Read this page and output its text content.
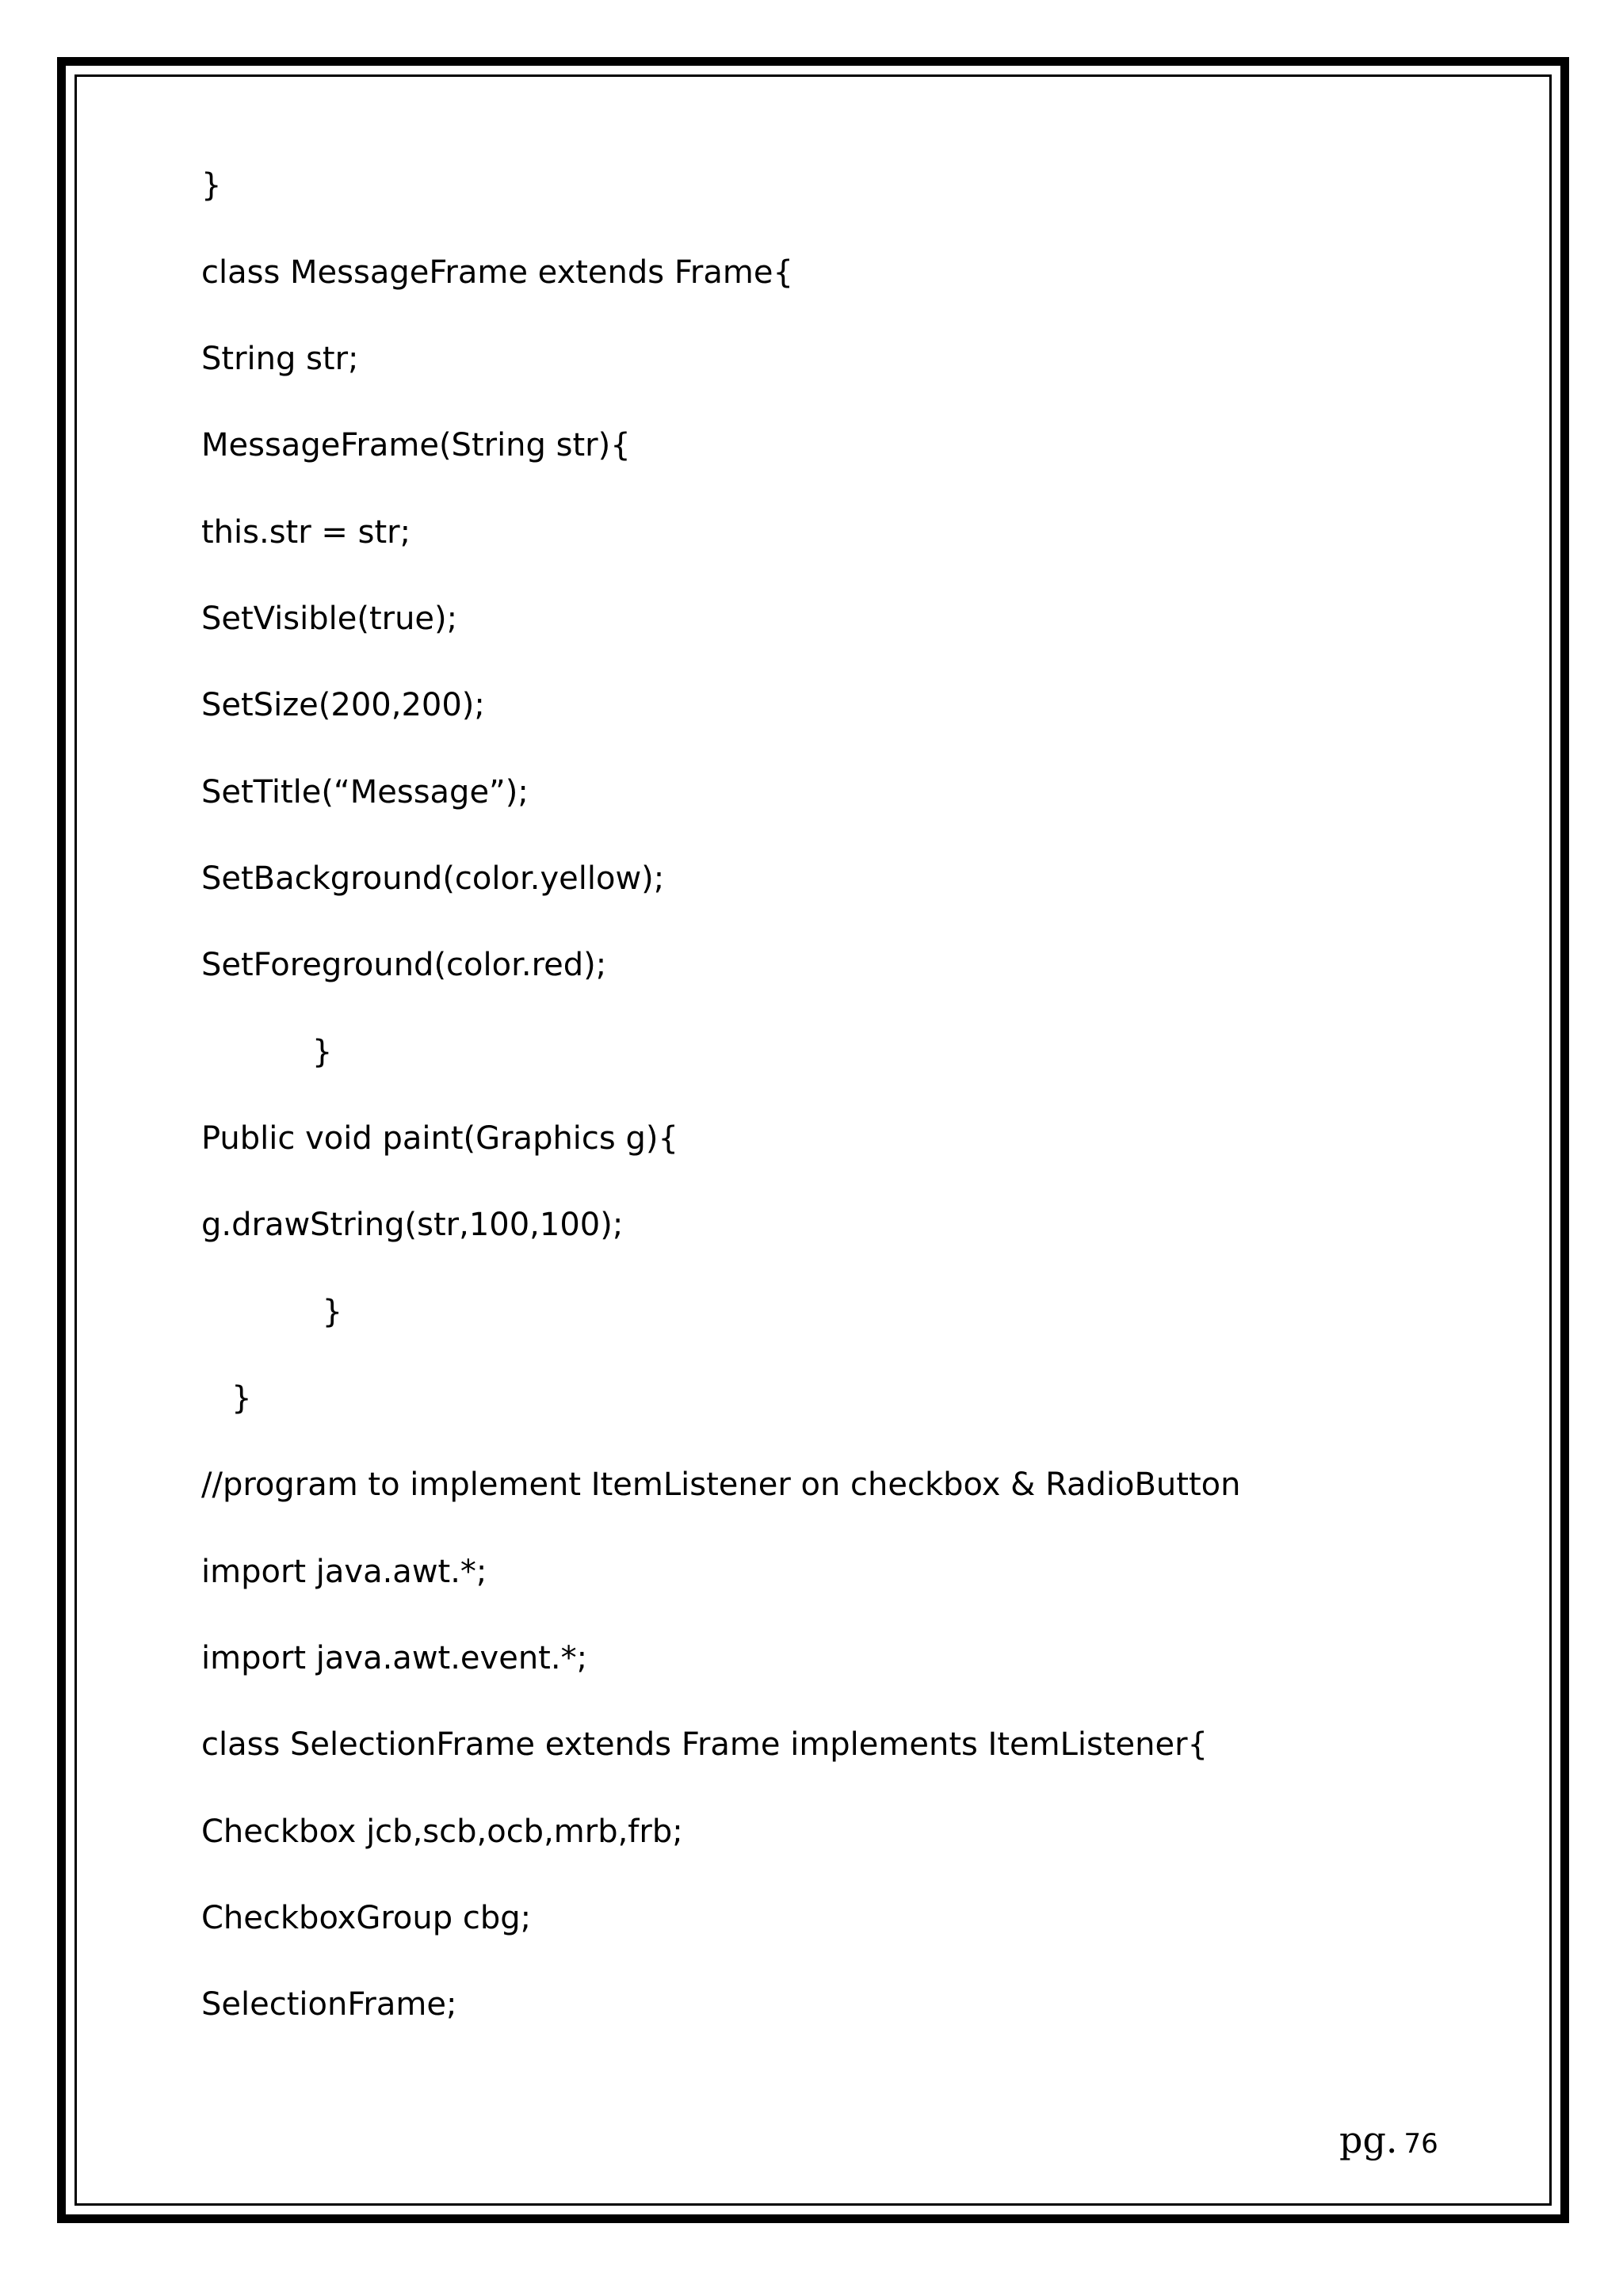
}
class MessageFrame extends Frame{
String str;
MessageFrame(String str){
this.str = str;
SetVisible(true);
SetSize(200,200);
SetTitle(“Message”);
SetBackground(color.yellow);
SetForeground(color.red);
}
Public void paint(Graphics g){
g.drawString(str,100,100);
}
}
//program to implement ItemListener on checkbox & RadioButton
import java.awt.*;
import java.awt.event.*;
class SelectionFrame extends Frame implements ItemListener{
Checkbox jcb,scb,ocb,mrb,frb;
CheckboxGroup cbg;
SelectionFrame;
pg. 76
